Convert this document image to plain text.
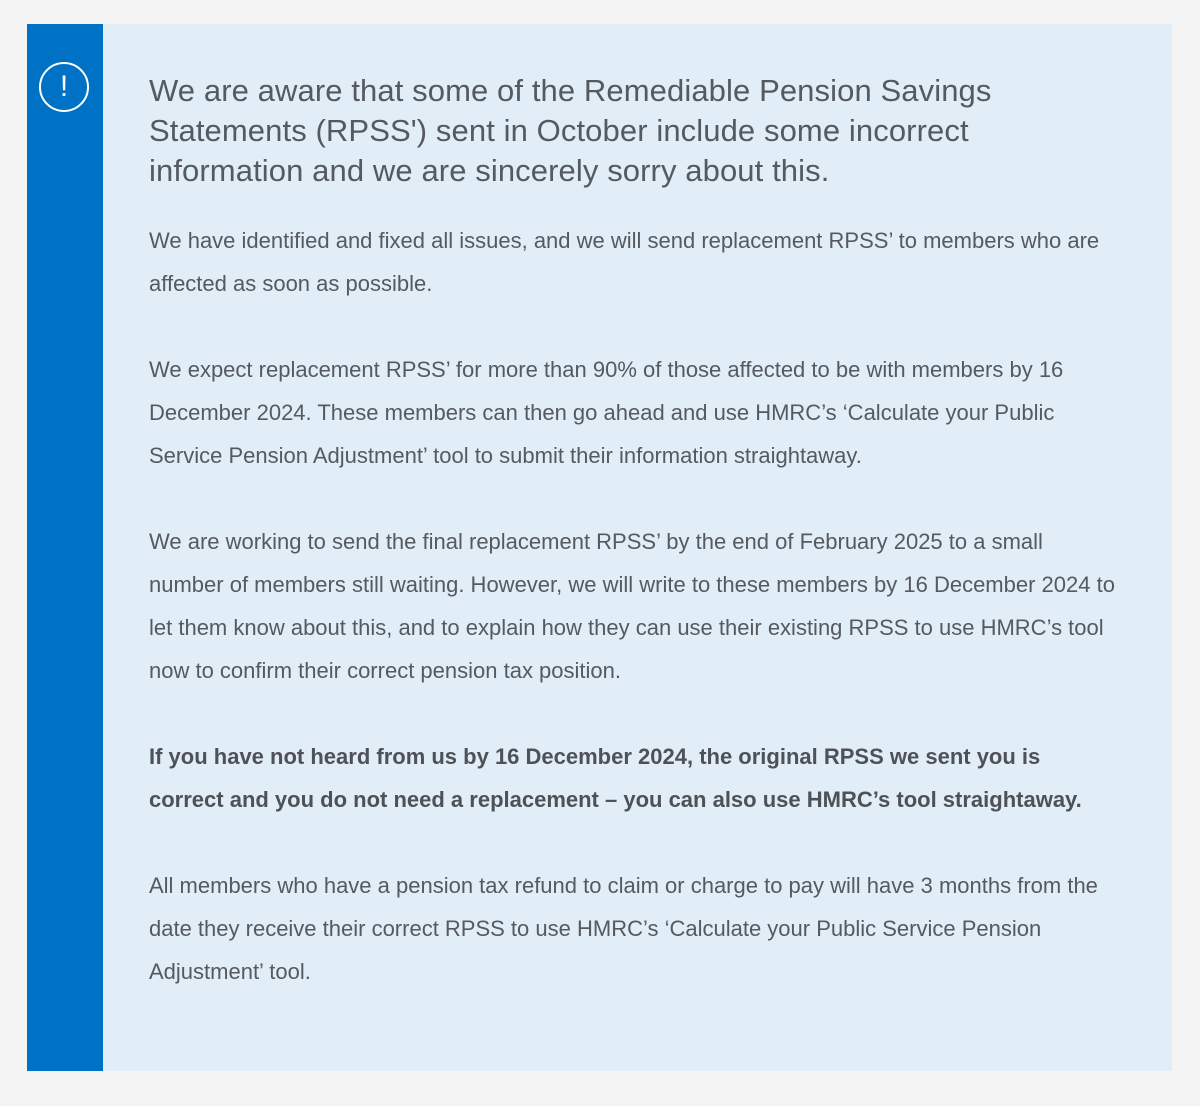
!	We are aware that some of the Remediable Pension Savings Statements (RPSS') sent in October include some incorrect information and we are sincerely sorry about this.

We have identified and fixed all issues, and we will send replacement RPSS’ to members who are affected as soon as possible.

We expect replacement RPSS’ for more than 90% of those affected to be with members by 16 December 2024. These members can then go ahead and use HMRC’s ‘Calculate your Public Service Pension Adjustment’ tool to submit their information straightaway.

We are working to send the final replacement RPSS’ by the end of February 2025 to a small number of members still waiting. However, we will write to these members by 16 December 2024 to let them know about this, and to explain how they can use their existing RPSS to use HMRC’s tool now to confirm their correct pension tax position.

If you have not heard from us by 16 December 2024, the original RPSS we sent you is correct and you do not need a replacement – you can also use HMRC’s tool straightaway.

All members who have a pension tax refund to claim or charge to pay will have 3 months from the date they receive their correct RPSS to use HMRC’s ‘Calculate your Public Service Pension Adjustment’ tool.
